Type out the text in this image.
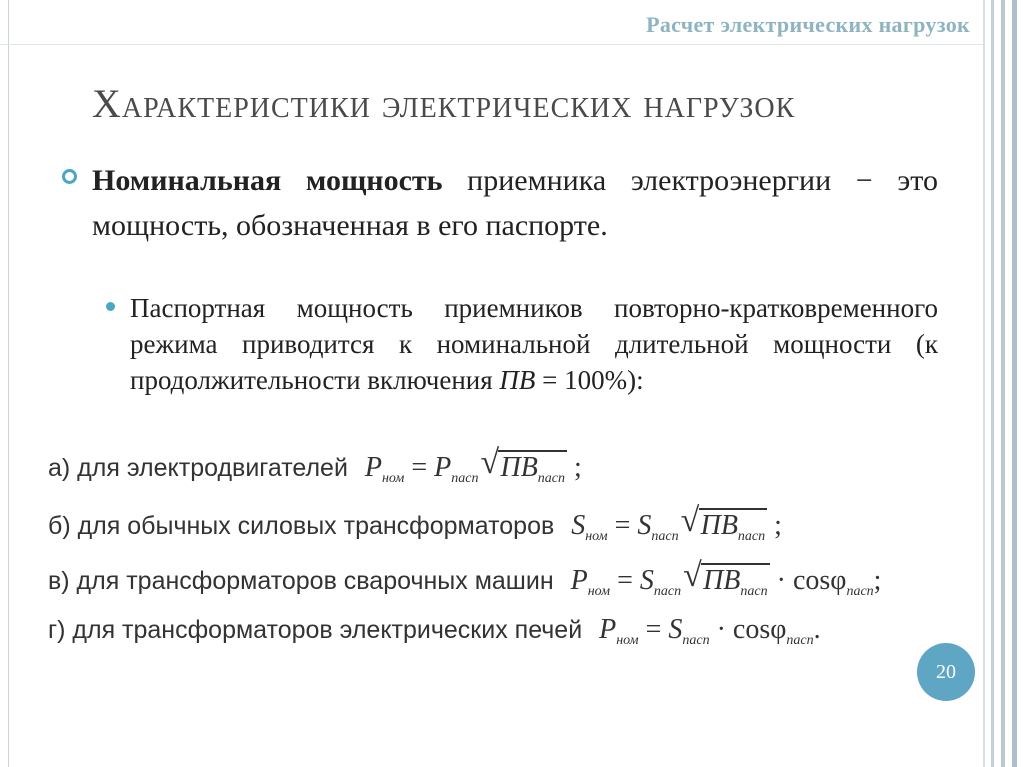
Расчет электрических нагрузок
Характеристики электрических нагрузок
Номинальная мощность приемника электроэнергии − это мощность, обозначенная в его паспорте.
Паспортная мощность приемников повторно-кратковременного режима приводится к номинальной длительной мощности (к продолжительности включения ПВ = 100%):
а) для электродвигателей $P_{ном} = P_{пасп}$ √ $ПВ_{пасп}$ ;
б) для обычных силовых трансформаторов $S_{ном} = S_{пасп}$ √ $ПВ_{пасп}$ ;
в) для трансформаторов сварочных машин $P_{ном} = S_{пасп}$ √ $ПВ_{пасп} \cdot \cos\varphi_{пасп}$;
г) для трансформаторов электрических печей $P_{ном} = S_{пасп} \cdot \cos\varphi_{пасп}$.
20
